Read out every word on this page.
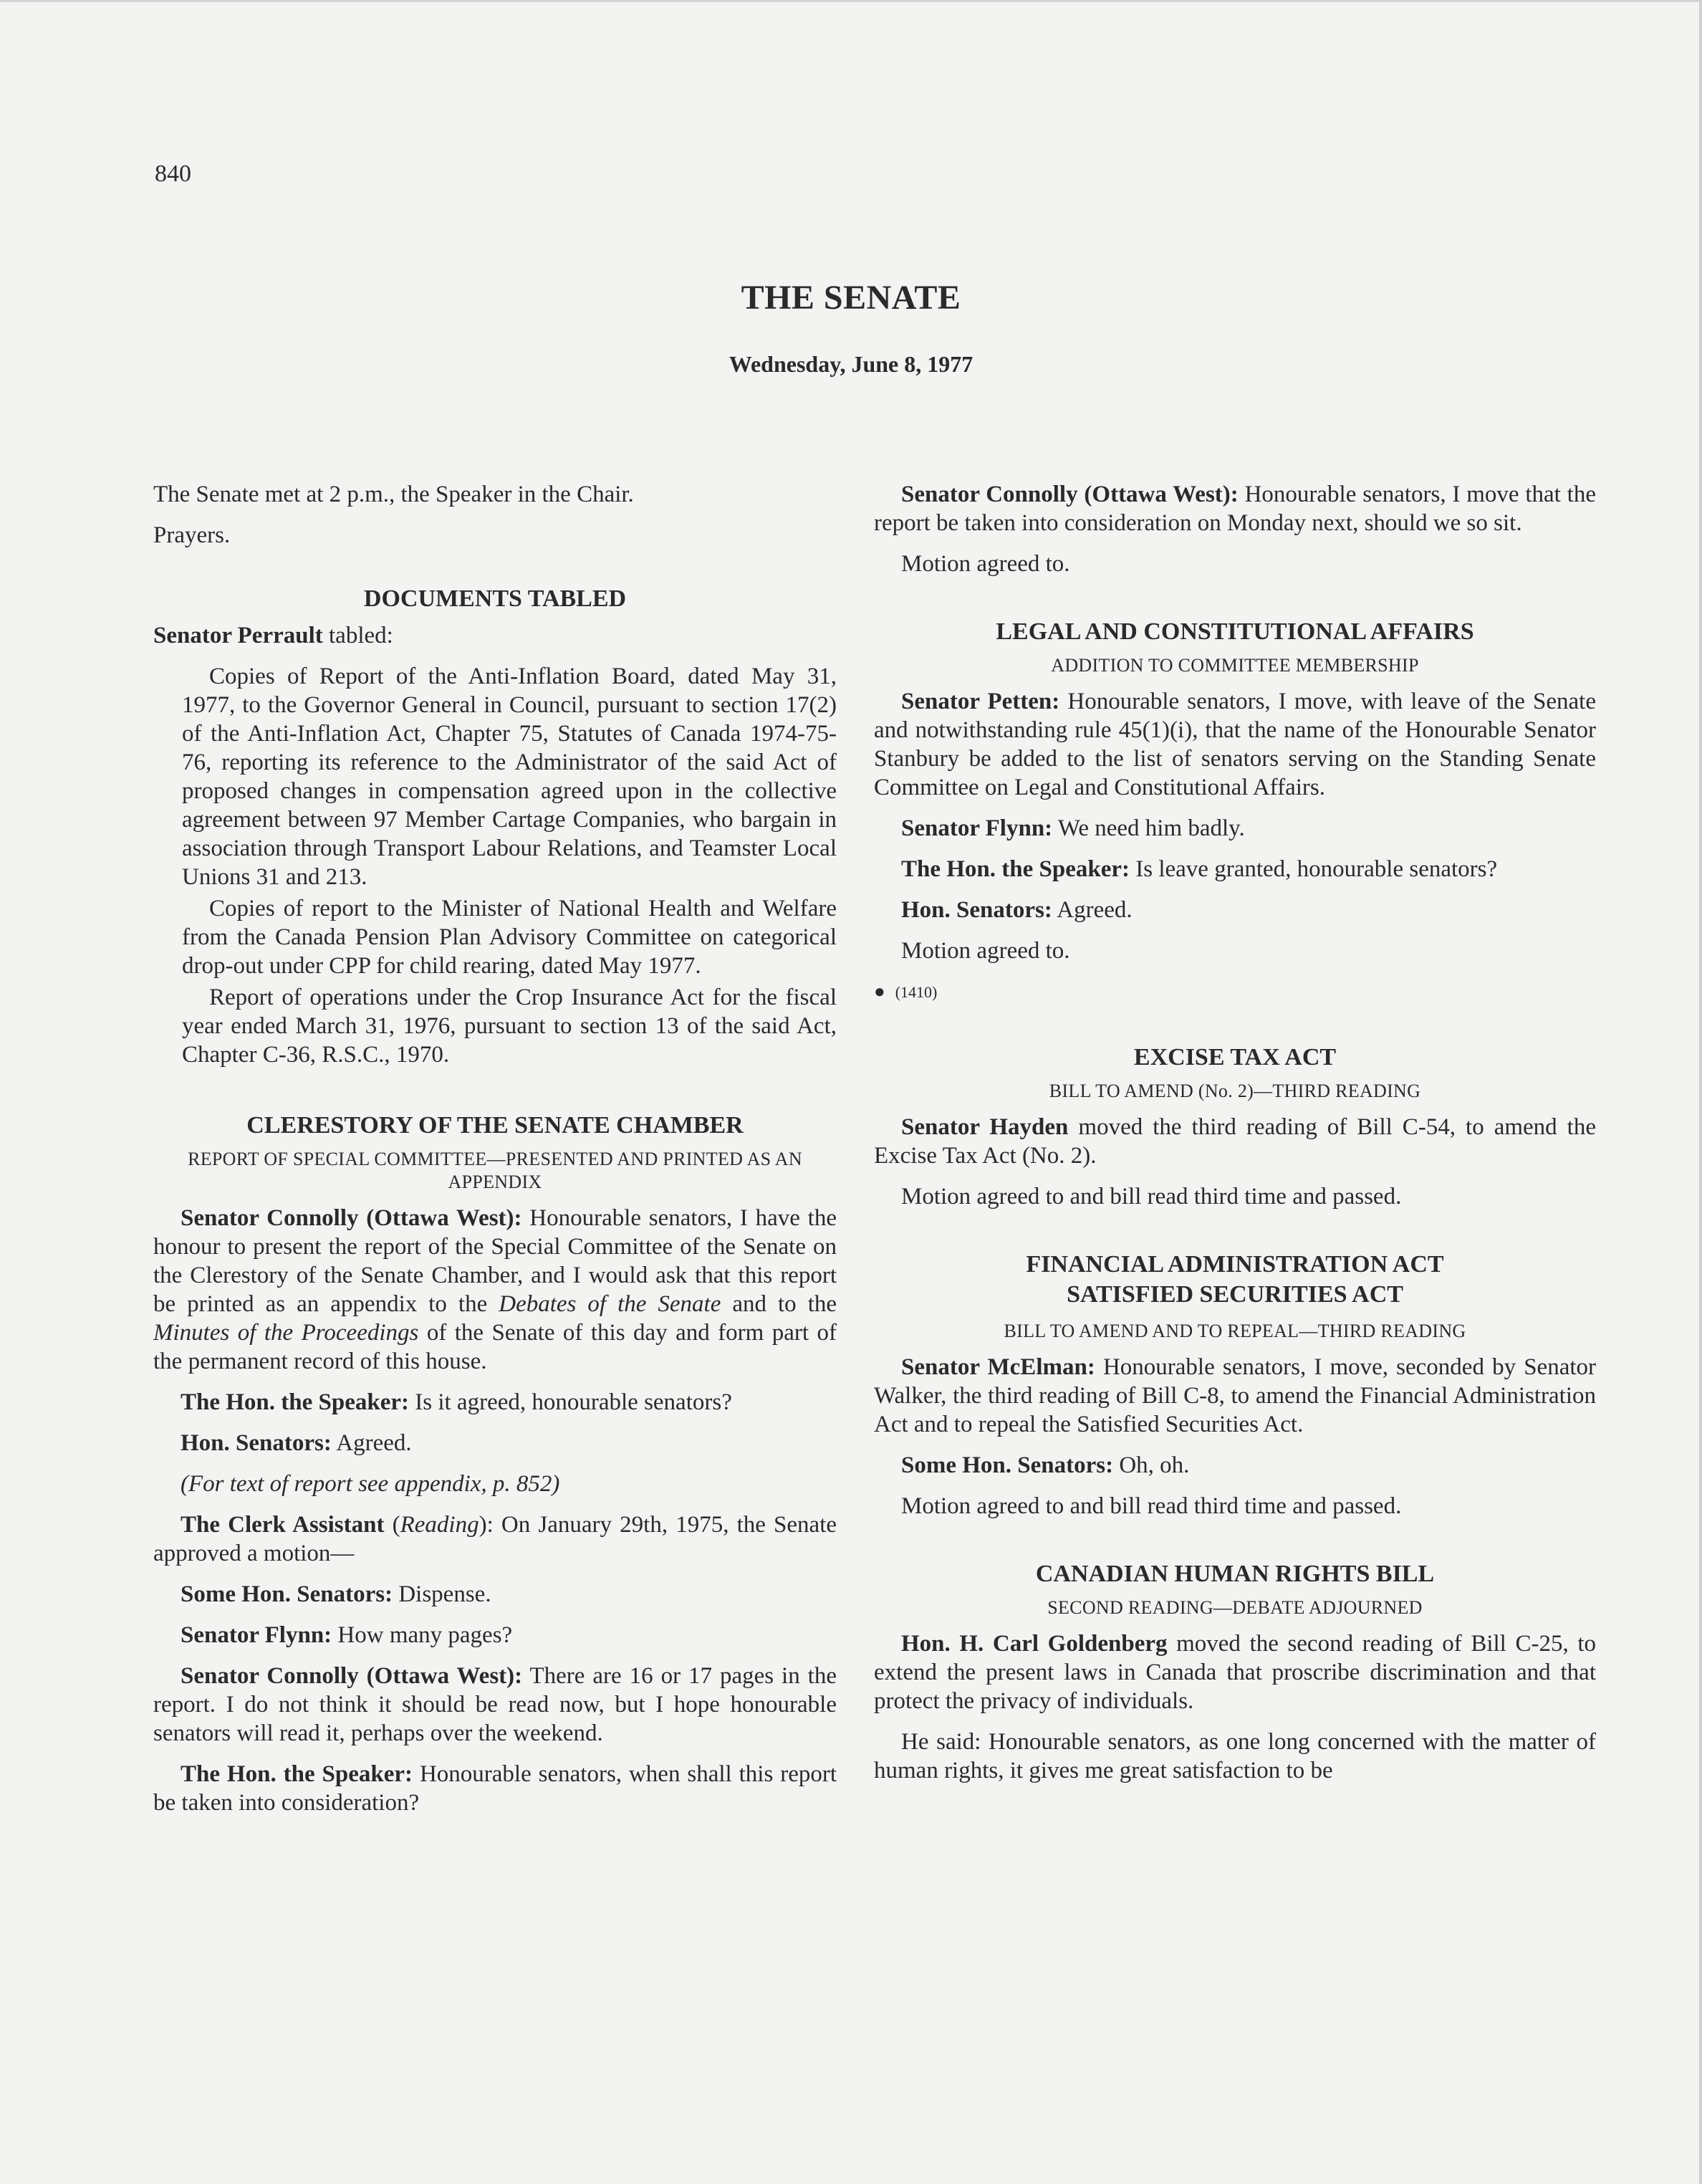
840
THE SENATE
Wednesday, June 8, 1977

The Senate met at 2 p.m., the Speaker in the Chair.

Prayers.

DOCUMENTS TABLED

Senator Perrault tabled:

Copies of Report of the Anti-Inflation Board, dated May 31, 1977, to the Governor General in Council, pursuant to section 17(2) of the Anti-Inflation Act, Chapter 75, Statutes of Canada 1974-75-76, reporting its reference to the Administrator of the said Act of proposed changes in compensation agreed upon in the collective agreement between 97 Member Cartage Companies, who bargain in association through Transport Labour Relations, and Teamster Local Unions 31 and 213.

Copies of report to the Minister of National Health and Welfare from the Canada Pension Plan Advisory Committee on categorical drop-out under CPP for child rearing, dated May 1977.

Report of operations under the Crop Insurance Act for the fiscal year ended March 31, 1976, pursuant to section 13 of the said Act, Chapter C-36, R.S.C., 1970.

CLERESTORY OF THE SENATE CHAMBER
REPORT OF SPECIAL COMMITTEE—PRESENTED AND PRINTED AS AN APPENDIX

Senator Connolly (Ottawa West): Honourable senators, I have the honour to present the report of the Special Committee of the Senate on the Clerestory of the Senate Chamber, and I would ask that this report be printed as an appendix to the Debates of the Senate and to the Minutes of the Proceedings of the Senate of this day and form part of the permanent record of this house.

The Hon. the Speaker: Is it agreed, honourable senators?

Hon. Senators: Agreed.

(For text of report see appendix, p. 852)

The Clerk Assistant (Reading): On January 29th, 1975, the Senate approved a motion—

Some Hon. Senators: Dispense.

Senator Flynn: How many pages?

Senator Connolly (Ottawa West): There are 16 or 17 pages in the report. I do not think it should be read now, but I hope honourable senators will read it, perhaps over the weekend.

The Hon. the Speaker: Honourable senators, when shall this report be taken into consideration?

Senator Connolly (Ottawa West): Honourable senators, I move that the report be taken into consideration on Monday next, should we so sit.

Motion agreed to.

LEGAL AND CONSTITUTIONAL AFFAIRS
ADDITION TO COMMITTEE MEMBERSHIP

Senator Petten: Honourable senators, I move, with leave of the Senate and notwithstanding rule 45(1)(i), that the name of the Honourable Senator Stanbury be added to the list of senators serving on the Standing Senate Committee on Legal and Constitutional Affairs.

Senator Flynn: We need him badly.

The Hon. the Speaker: Is leave granted, honourable senators?

Hon. Senators: Agreed.

Motion agreed to.

● (1410)
EXCISE TAX ACT
BILL TO AMEND (No. 2)—THIRD READING

Senator Hayden moved the third reading of Bill C-54, to amend the Excise Tax Act (No. 2).

Motion agreed to and bill read third time and passed.

FINANCIAL ADMINISTRATION ACT
SATISFIED SECURITIES ACT
BILL TO AMEND AND TO REPEAL—THIRD READING

Senator McElman: Honourable senators, I move, seconded by Senator Walker, the third reading of Bill C-8, to amend the Financial Administration Act and to repeal the Satisfied Securities Act.

Some Hon. Senators: Oh, oh.

Motion agreed to and bill read third time and passed.

CANADIAN HUMAN RIGHTS BILL
SECOND READING—DEBATE ADJOURNED

Hon. H. Carl Goldenberg moved the second reading of Bill C-25, to extend the present laws in Canada that proscribe discrimination and that protect the privacy of individuals.

He said: Honourable senators, as one long concerned with the matter of human rights, it gives me great satisfaction to be
